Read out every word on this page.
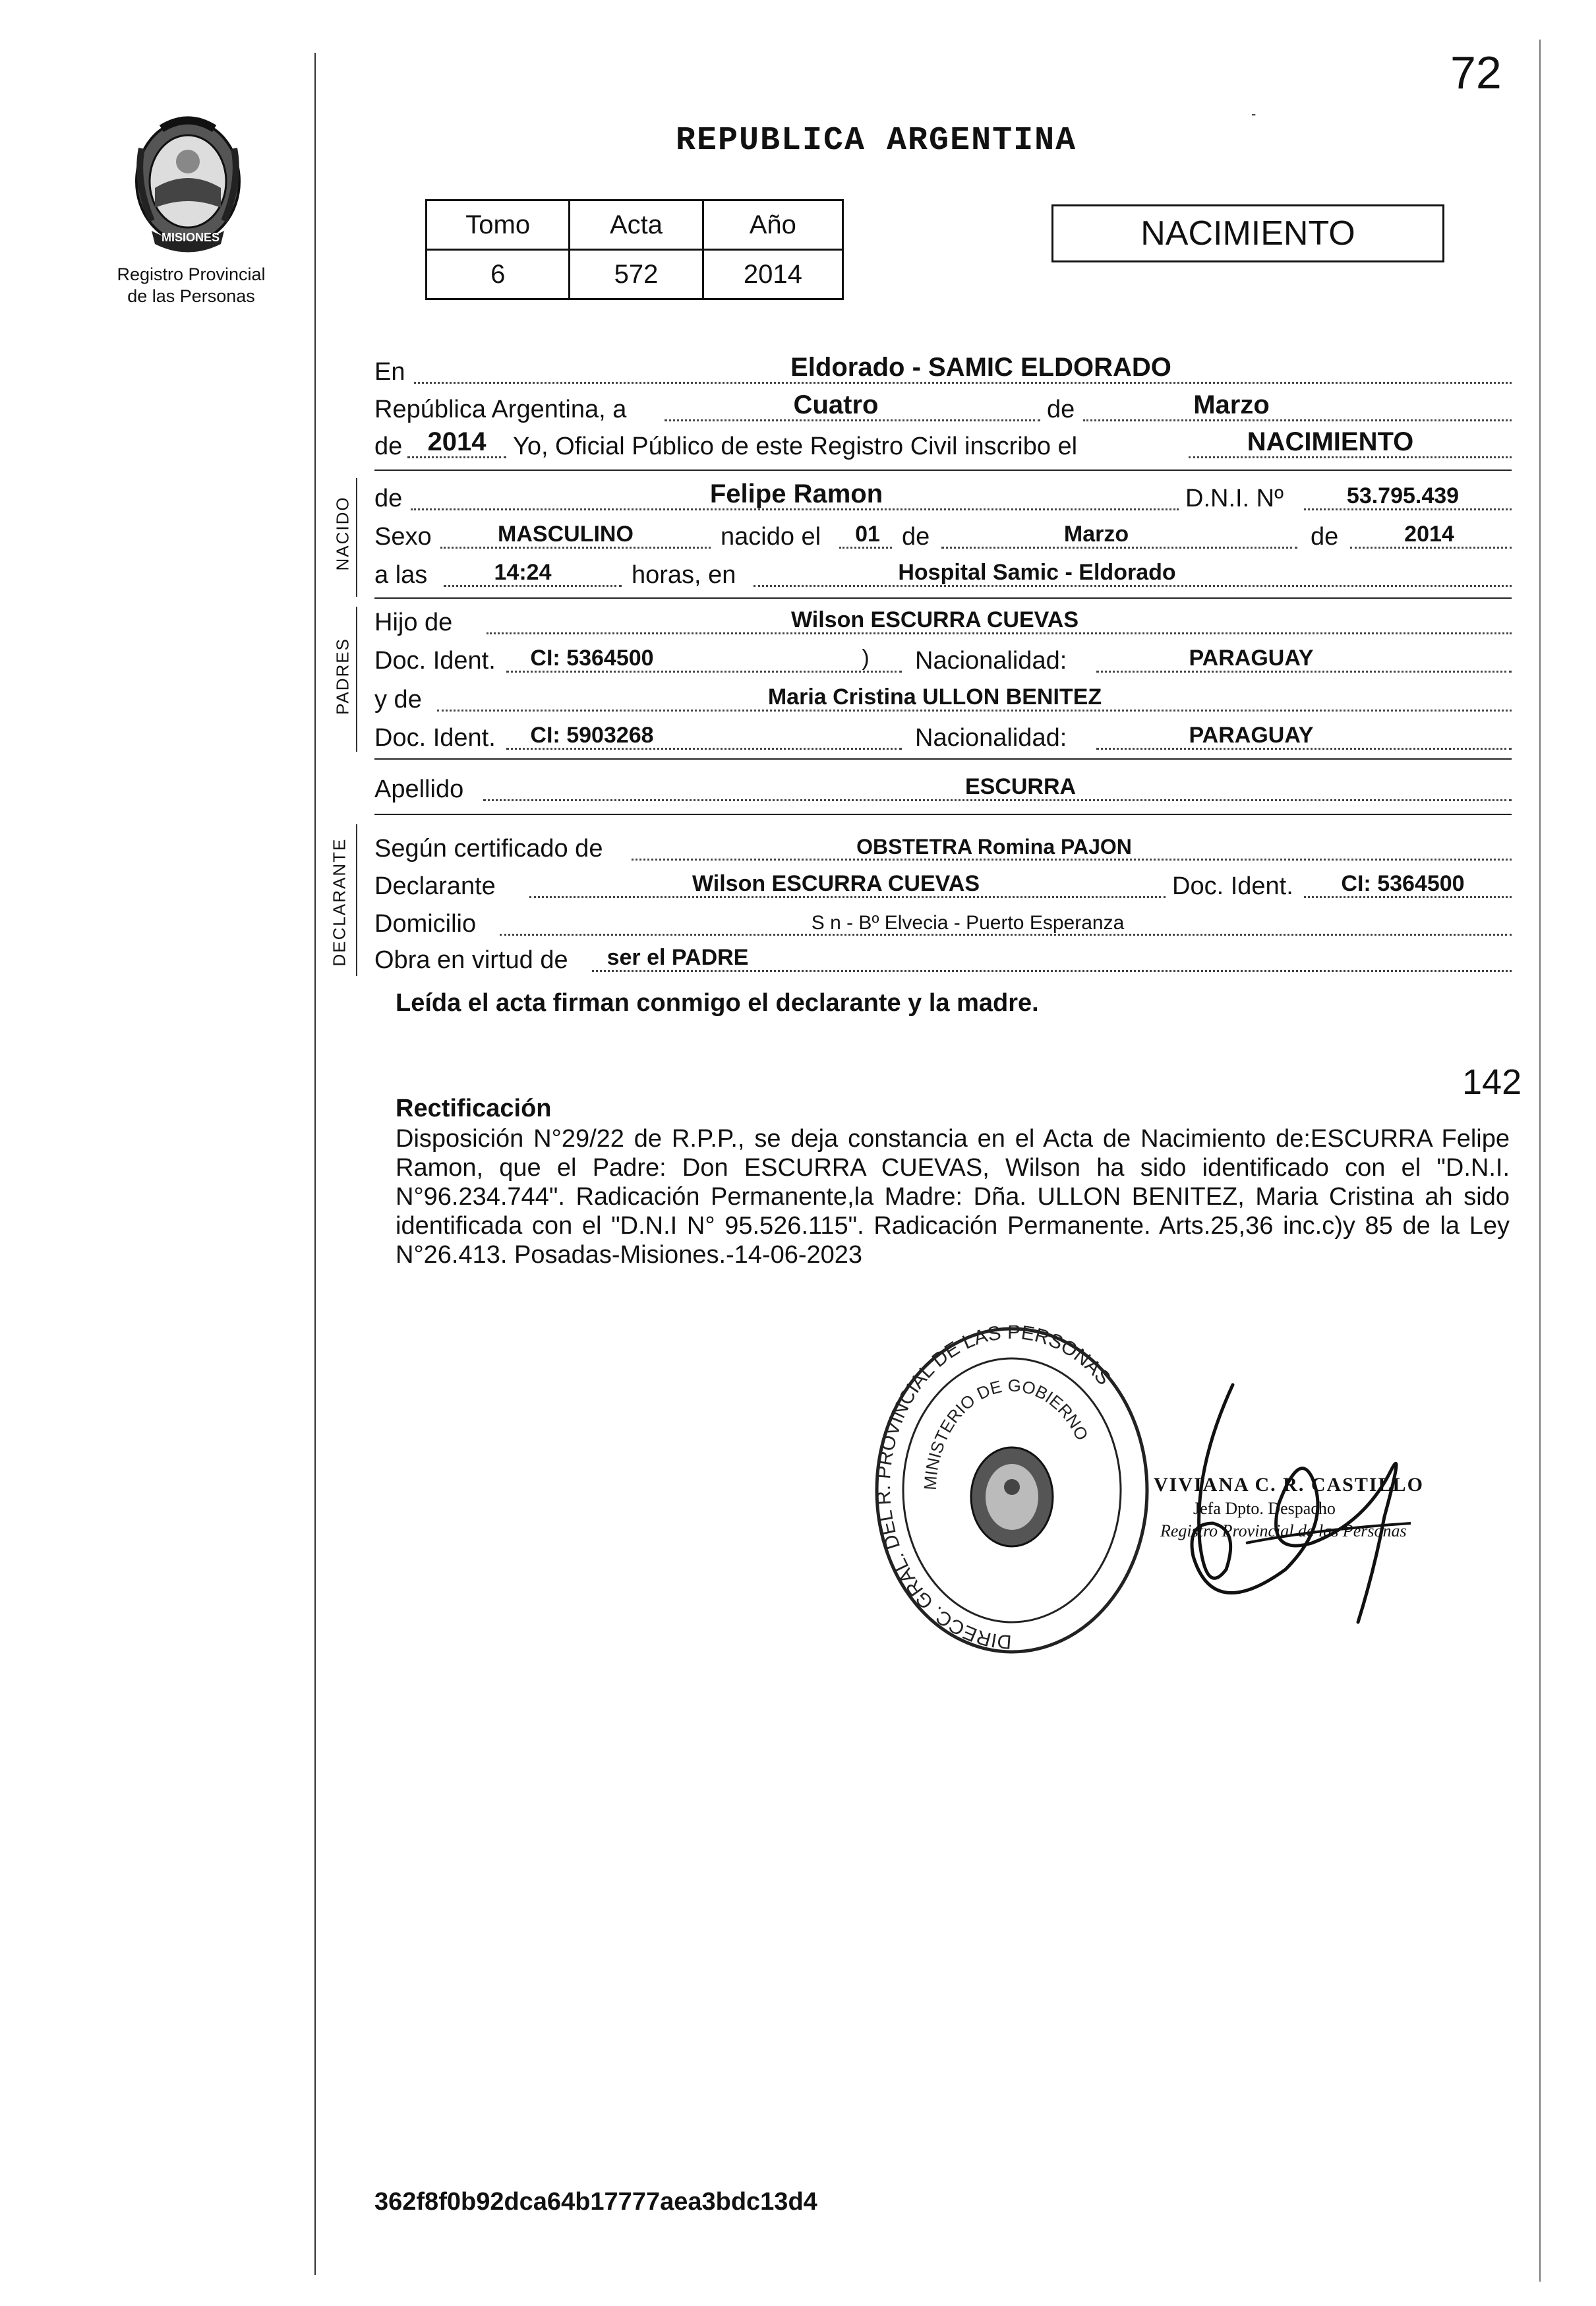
72
MISIONES
Registro Provincial
de las Personas
REPUBLICA ARGENTINA
-
Tomo	Acta	Año
6	572	2014
NACIMIENTO
En	Eldorado - SAMIC ELDORADO
República Argentina, a	Cuatro	de	Marzo
de 2014 Yo, Oficial Público de este Registro Civil inscribo el	NACIMIENTO
NACIDO de	Felipe Ramon	D.N.I. Nº	53.795.439
Sexo	MASCULINO	nacido el 01 de	Marzo	de	2014
a las	14:24	horas, en	Hospital Samic - Eldorado
PADRES
Hijo de	Wilson ESCURRA CUEVAS
Doc. Ident. CI: 5364500	) Nacionalidad:	PARAGUAY
y de	Maria Cristina ULLON BENITEZ
Doc. Ident. CI: 5903268	Nacionalidad:	PARAGUAY
Apellido	ESCURRA
DECLARANTE Según certificado de	OBSTETRA Romina PAJON
Declarante	Wilson ESCURRA CUEVAS	Doc. Ident. CI: 5364500
Domicilio	S n - Bº Elvecia - Puerto Esperanza
Obra en virtud de ser el PADRE
Leída el acta firman conmigo el declarante y la madre.
142
Rectificación
Disposición N°29/22 de R.P.P., se deja constancia en el Acta de Nacimiento de:ESCURRA Felipe Ramon, que el Padre: Don ESCURRA CUEVAS, Wilson ha sido identificado con el "D.N.I. N°96.234.744". Radicación Permanente,la Madre: Dña. ULLON BENITEZ, Maria Cristina ah sido identificada con el "D.N.I N° 95.526.115". Radicación Permanente. Arts.25,36 inc.c)y 85 de la Ley N°26.413. Posadas-Misiones.-14-06-2023
DIRECC. GRAL. DEL R. PROVINCIAL DE LAS PERSONAS
MINISTERIO DE GOBIERNO
VIVIANA C. R. CASTILLO
Jefa Dpto. Despacho
Registro Provincial de las Personas
362f8f0b92dca64b17777aea3bdc13d4
